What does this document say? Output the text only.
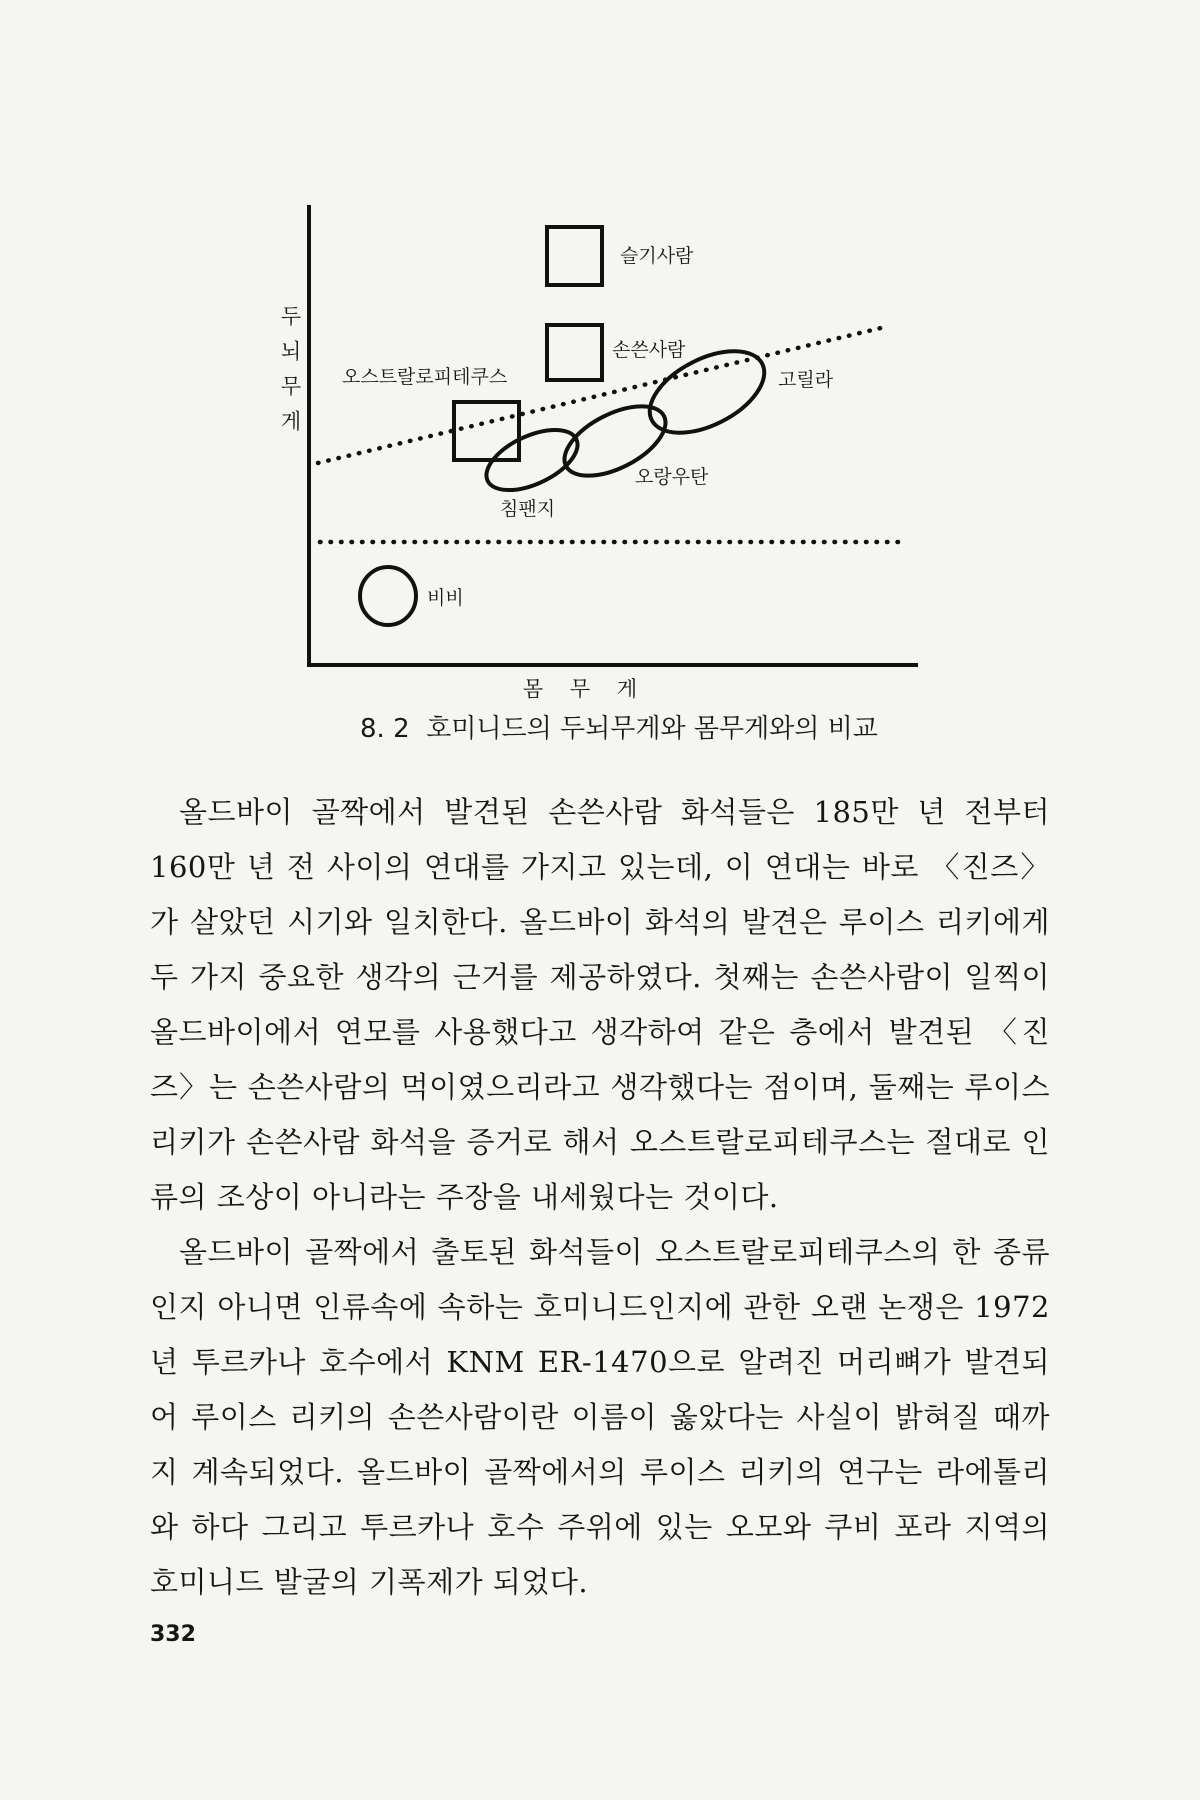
슬기사람
손쓴사람
오스트랄로피테쿠스	고릴라
오랑우탄
침팬지
비비
두뇌무게
몸 무 게
8. 2  호미니드의 두뇌무게와 몸무게와의 비교

올드바이 골짝에서 발견된 손쓴사람 화석들은 185만 년 전부터 160만 년 전 사이의 연대를 가지고 있는데, 이 연대는 바로 〈진즈〉가 살았던 시기와 일치한다. 올드바이 화석의 발견은 루이스 리키에게 두 가지 중요한 생각의 근거를 제공하였다. 첫째는 손쓴사람이 일찍이 올드바이에서 연모를 사용했다고 생각하여 같은 층에서 발견된 〈진즈〉는 손쓴사람의 먹이였으리라고 생각했다는 점이며, 둘째는 루이스 리키가 손쓴사람 화석을 증거로 해서 오스트랄로피테쿠스는 절대로 인류의 조상이 아니라는 주장을 내세웠다는 것이다.

올드바이 골짝에서 출토된 화석들이 오스트랄로피테쿠스의 한 종류인지 아니면 인류속에 속하는 호미니드인지에 관한 오랜 논쟁은 1972년 투르카나 호수에서 KNM ER-1470으로 알려진 머리뼈가 발견되어 루이스 리키의 손쓴사람이란 이름이 옳았다는 사실이 밝혀질 때까지 계속되었다. 올드바이 골짝에서의 루이스 리키의 연구는 라에톨리와 하다 그리고 투르카나 호수 주위에 있는 오모와 쿠비 포라 지역의 호미니드 발굴의 기폭제가 되었다.

332
